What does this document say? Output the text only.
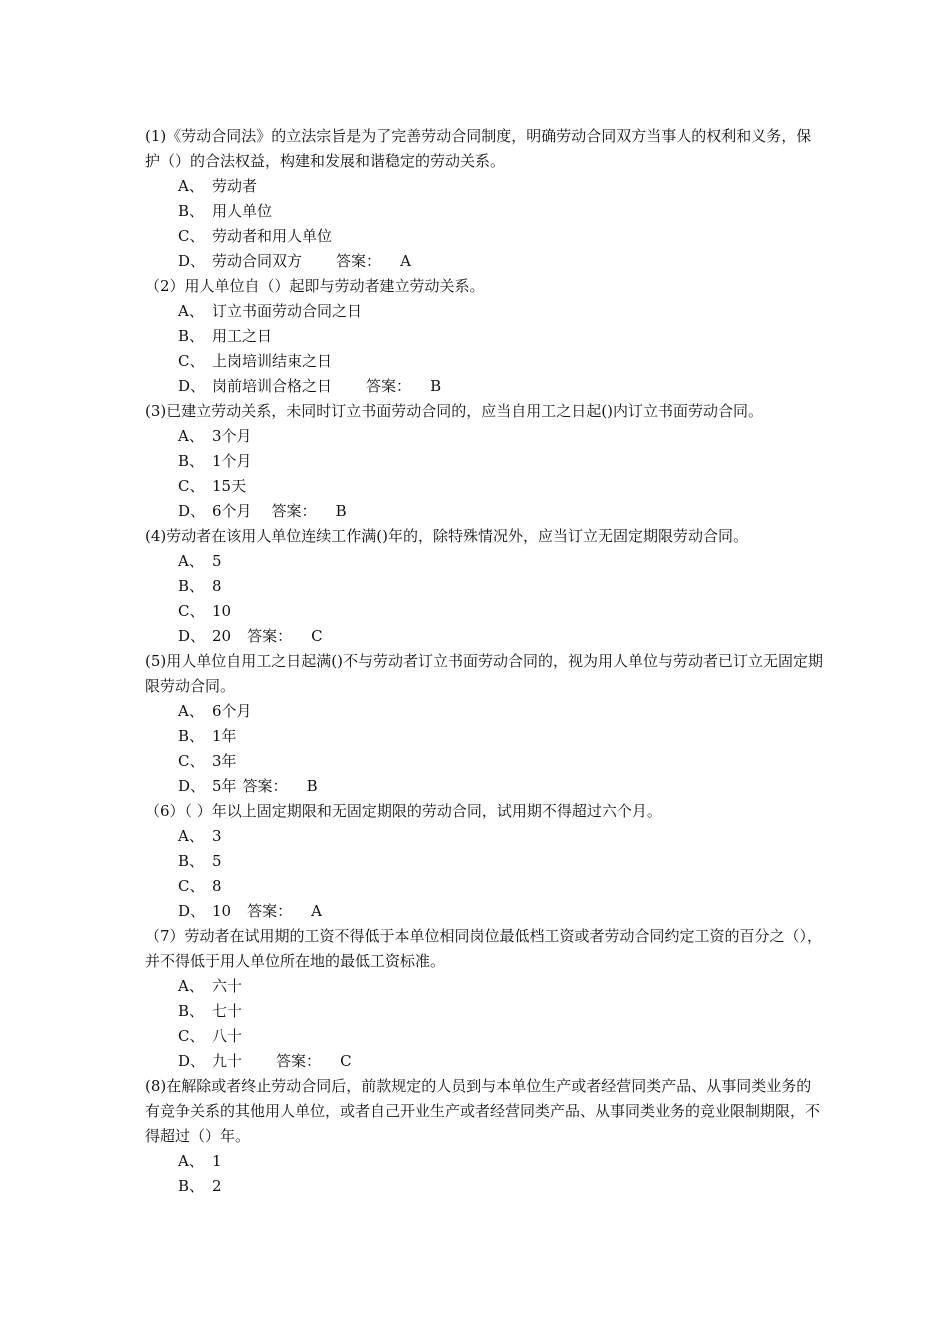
(1)《劳动合同法》的立法宗旨是为了完善劳动合同制度，明确劳动合同双方当事人的权利和义务，保护（）的合法权益，构建和发展和谐稳定的劳动关系。
A、 劳动者
B、 用人单位
C、 劳动者和用人单位
D、 劳动合同双方 答案：    A
（2）用人单位自（）起即与劳动者建立劳动关系。
A、 订立书面劳动合同之日
B、 用工之日
C、 上岗培训结束之日
D、 岗前培训合格之日 答案：    B
(3)已建立劳动关系，未同时订立书面劳动合同的，应当自用工之日起()内订立书面劳动合同。
A、 3个月
B、 1个月
C、 15天
D、 6个月 答案：    B
(4)劳动者在该用人单位连续工作满()年的，除特殊情况外，应当订立无固定期限劳动合同。
A、 5
B、 8
C、 10
D、 20 答案：    C
(5)用人单位自用工之日起满()不与劳动者订立书面劳动合同的，视为用人单位与劳动者已订立无固定期限劳动合同。
A、 6个月
B、 1年
C、 3年
D、 5年 答案：    B
（6）（ ）年以上固定期限和无固定期限的劳动合同，试用期不得超过六个月。
A、 3
B、 5
C、 8
D、 10 答案：    A
（7）劳动者在试用期的工资不得低于本单位相同岗位最低档工资或者劳动合同约定工资的百分之（），并不得低于用人单位所在地的最低工资标准。
A、 六十
B、 七十
C、 八十
D、 九十 答案：    C
(8)在解除或者终止劳动合同后，前款规定的人员到与本单位生产或者经营同类产品、从事同类业务的有竞争关系的其他用人单位，或者自己开业生产或者经营同类产品、从事同类业务的竞业限制期限，不得超过（）年。
A、 1
B、 2
